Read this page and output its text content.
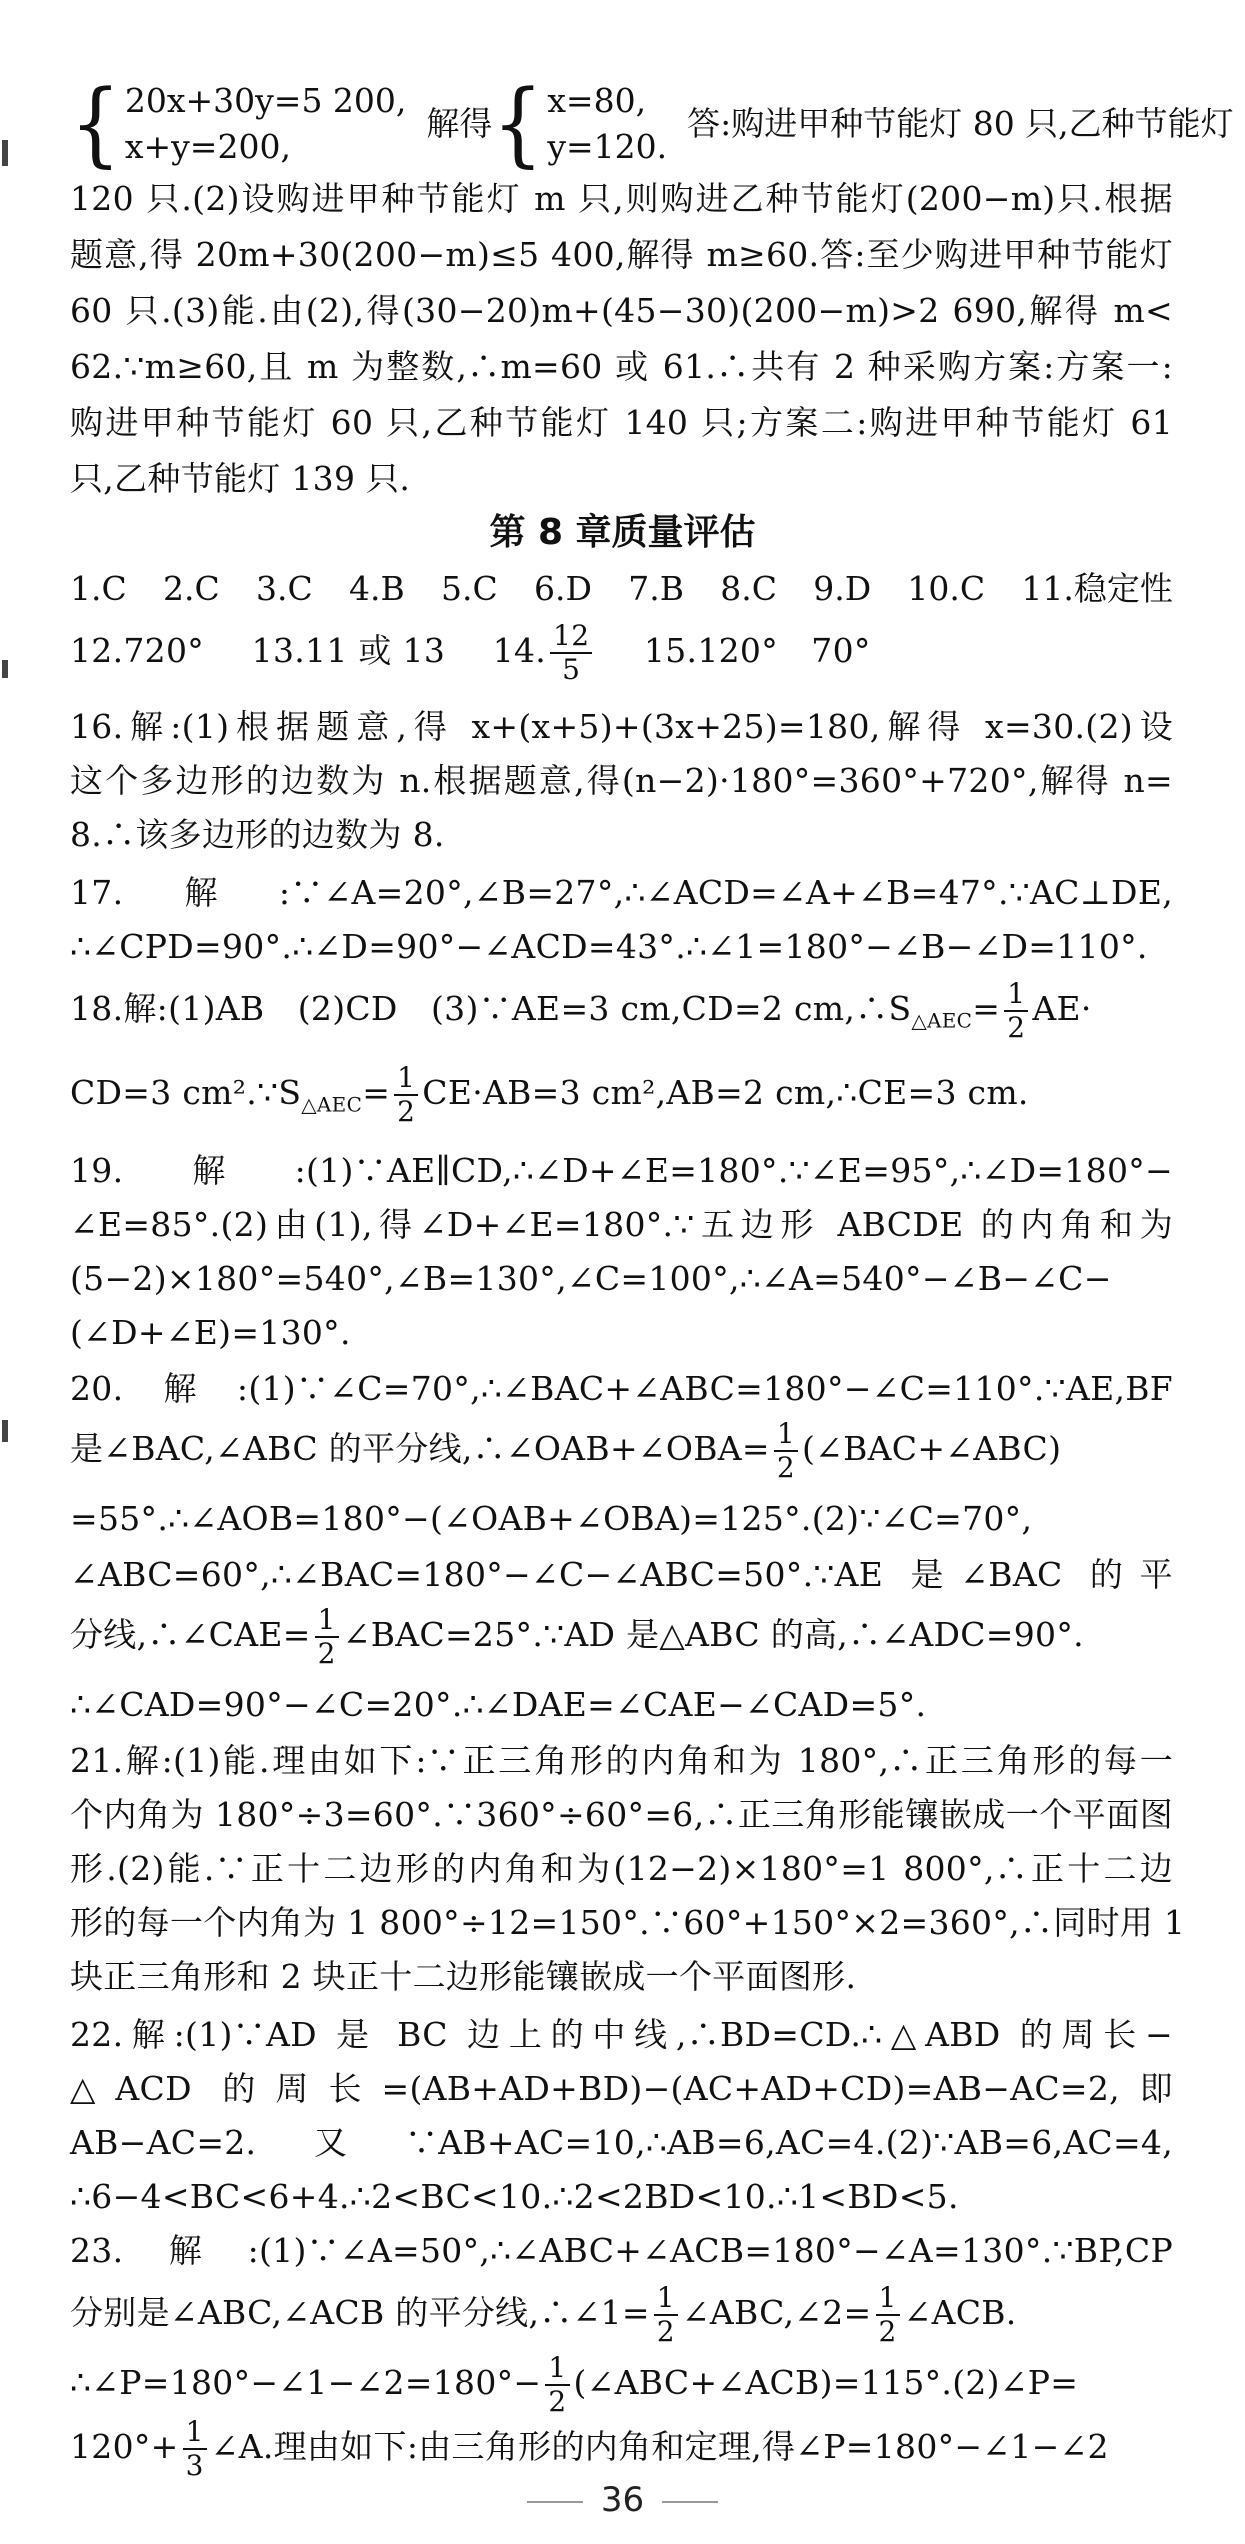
{ 20x+30y=5 200,
x+y=200,
解得 { x=80,
y=120.
答:购进甲种节能灯 80 只,乙种节能灯
120 只.(2)设购进甲种节能灯 m 只,则购进乙种节能灯(200−m)只.根据
题意,得 20m+30(200−m)≤5 400,解得 m≥60.答:至少购进甲种节能灯
60 只.(3)能.由(2),得(30−20)m+(45−30)(200−m)>2 690,解得 m<
62.∵m≥60,且 m 为整数,∴m=60 或 61.∴共有 2 种采购方案:方案一:
购进甲种节能灯 60 只,乙种节能灯 140 只;方案二:购进甲种节能灯 61
只,乙种节能灯 139 只.
第 8 章质量评估
1.C 2.C 3.C 4.B 5.C 6.D 7.B 8.C 9.D 10.C 11.稳定性
12.720° 13.11 或 13 14. $\frac{12}{5} 15.120^\circ$　70°
16.解:(1)根据题意,得 x+(x+5)+(3x+25)=180,解得 x=30.(2)设
这个多边形的边数为 n.根据题意,得(n−2)·180°=360°+720°,解得 n=
8.∴该多边形的边数为 8.
17.解:∵∠A=20°,∠B=27°,∴∠ACD=∠A+∠B=47°.∵AC⊥DE,
∴∠CPD=90°.∴∠D=90°−∠ACD=43°.∴∠1=180°−∠B−∠D=110°.
18.解:(1)AB　(2)CD　(3)∵AE=3 cm,CD=2 $cm,\therefore S_{\triangle AEC}= \frac{1}{2} AE\cdot$
CD=3 $cm^2.\because S_{\triangle AEC}= \frac{1}{2} CE\cdot AB=3$ cm²,AB=2 cm,∴CE=3 cm.
19.解:(1)∵AE∥CD,∴∠D+∠E=180°.∵∠E=95°,∴∠D=180°−
∠E=85°.(2)由(1),得∠D+∠E=180°.∵五边形 ABCDE 的内角和为
(5−2)×180°=540°,∠B=130°,∠C=100°,∴∠A=540°−∠B−∠C−
(∠D+∠E)=130°.
20.解:(1)∵∠C=70°,∴∠BAC+∠ABC=180°−∠C=110°.∵AE,BF
是∠BAC,∠ABC 的平分线,∴∠OAB+∠OBA= $\frac{1}{2}$ (∠BAC+∠ABC)
=55°.∴∠AOB=180°−(∠OAB+∠OBA)=125°.(2)∵∠C=70°,
∠ABC=60°,∴∠BAC=180°−∠C−∠ABC=50°.∵AE 是∠BAC 的平
分线,∴∠CAE= $\frac{1}{2}$ ∠BAC=25°.∵AD 是△ABC 的高,∴∠ADC=90°.
∴∠CAD=90°−∠C=20°.∴∠DAE=∠CAE−∠CAD=5°.
21.解:(1)能.理由如下:∵正三角形的内角和为 180°,∴正三角形的每一
个内角为 180°÷3=60°.∵360°÷60°=6,∴正三角形能镶嵌成一个平面图
形.(2)能.∵正十二边形的内角和为(12−2)×180°=1 800°,∴正十二边
形的每一个内角为 1 800°÷12=150°.∵60°+150°×2=360°,∴同时用 1
块正三角形和 2 块正十二边形能镶嵌成一个平面图形.
22.解:(1)∵AD 是 BC 边上的中线,∴BD=CD.∴△ABD 的周长−
△ACD 的周长=(AB+AD+BD)−(AC+AD+CD)=AB−AC=2,即
AB−AC=2.又∵AB+AC=10,∴AB=6,AC=4.(2)∵AB=6,AC=4,
∴6−4<BC<6+4.∴2<BC<10.∴2<2BD<10.∴1<BD<5.
23.解:(1)∵∠A=50°,∴∠ABC+∠ACB=180°−∠A=130°.∵BP,CP
分别是∠ABC,∠ACB 的平分线,∴∠1= $\frac{1}{2}$ ∠ABC,∠2= $\frac{1}{2}$ ∠ACB.
∴∠P=180°−∠1−∠2=180°− $\frac{1}{2}$ (∠ABC+∠ACB)=115°.(2)∠P=
$120^\circ+ \frac{1}{3}$ ∠A.理由如下:由三角形的内角和定理,得∠P=180°−∠1−∠2
36
